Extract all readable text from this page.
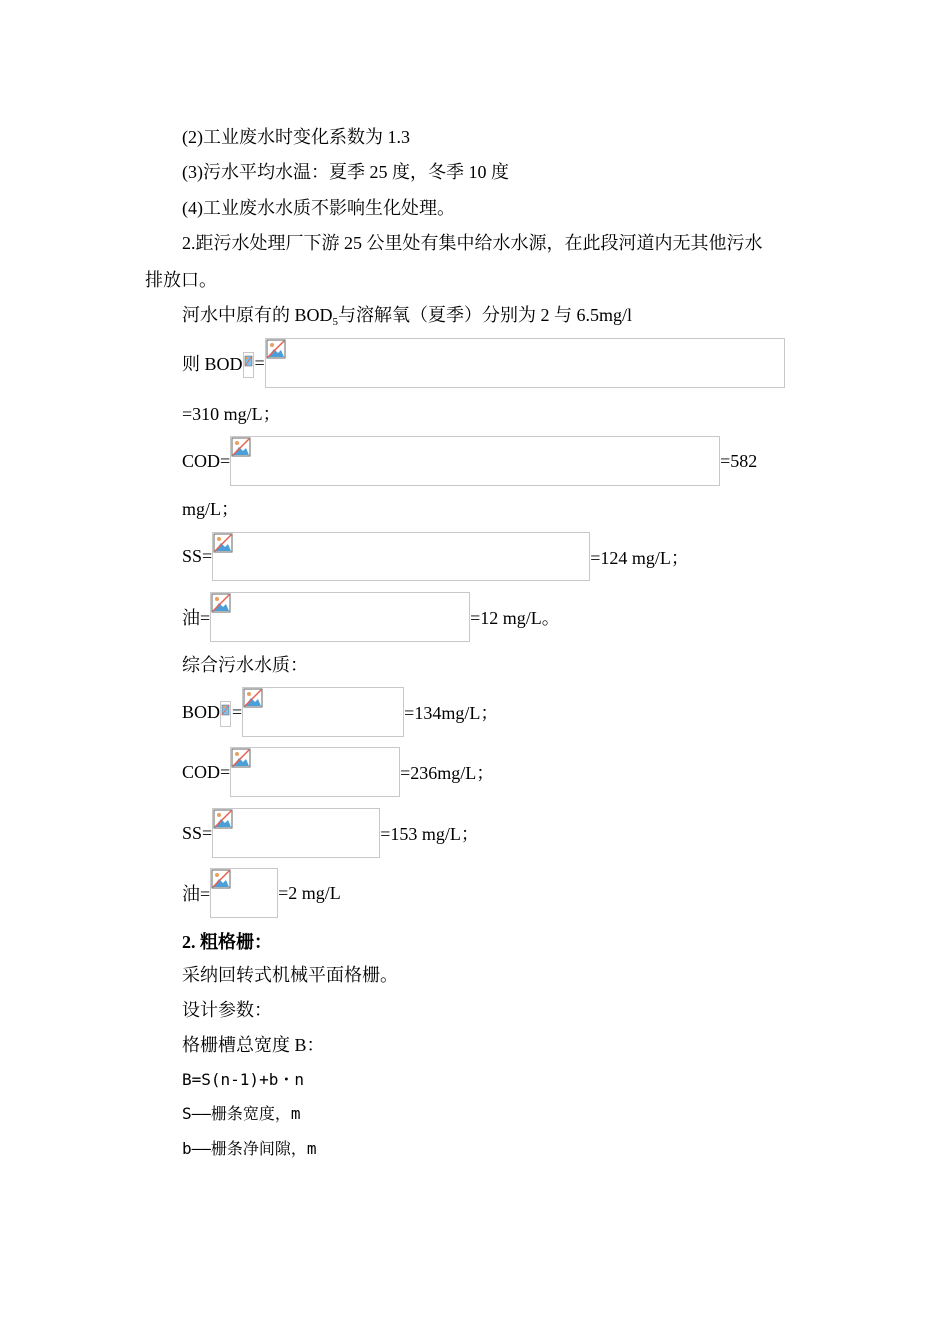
(2)工业废水时变化系数为 1.3
(3)污水平均水温：夏季 25 度，冬季 10 度
(4)工业废水水质不影响生化处理。
2.距污水处理厂下游 25 公里处有集中给水水源，在此段河道内无其他污水
排放口。
河水中原有的 $BOD_5$与溶解氧（夏季）分别为 2 与 6.5mg/l
则 BOD =
=310 mg/L；
COD=	=582
mg/L；
SS=	=124 mg/L；
油=	=12 mg/L。
综合污水水质：
BOD =	=134mg/L；
COD=	=236mg/L；
SS=	=153 mg/L；
油=	=2 mg/L
2. 粗格栅：
采纳回转式机械平面格栅。
设计参数：
格栅槽总宽度 B：
B=S(n-1)+b・n
S——栅条宽度，m
b——栅条净间隙，m
